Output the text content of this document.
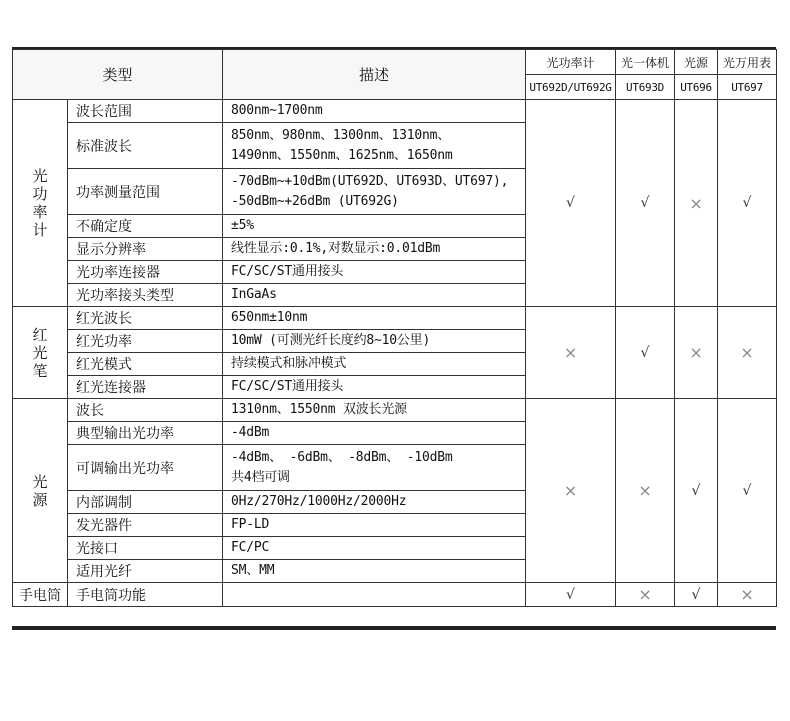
类型		描述	光功率计	光一体机	光源	光万用表
			UT692D/UT692G	UT693D	UT696	UT697
光功率计	波长范围	800nm~1700nm	√	√	×	√
	标准波长	850nm、980nm、1300nm、1310nm、
1490nm、1550nm、1625nm、1650nm				

	功率测量范围	-70dBm~+10dBm(UT692D、UT693D、UT697),
-50dBm~+26dBm (UT692G)				

	不确定度	±5%				

	显示分辨率	线性显示:0.1%,对数显示:0.01dBm				

	光功率连接器	FC/SC/ST通用接头				

	光功率接头类型	InGaAs				

红光笔	红光波长	650nm±10nm	×	√	×	×
	红光功率	10mW (可测光纤长度约8~10公里)				

	红光模式	持续模式和脉冲模式				

	红光连接器	FC/SC/ST通用接头				

光源	波长	1310nm、1550nm 双波长光源	×	×	√	√
	典型输出光功率	-4dBm				

	可调输出光功率	-4dBm、 -6dBm、 -8dBm、 -10dBm
共4档可调				

	内部调制	0Hz/270Hz/1000Hz/2000Hz				

	发光器件	FP-LD				

	光接口	FC/PC				

	适用光纤	SM、MM				

手电筒	手电筒功能		√	×	√	×
